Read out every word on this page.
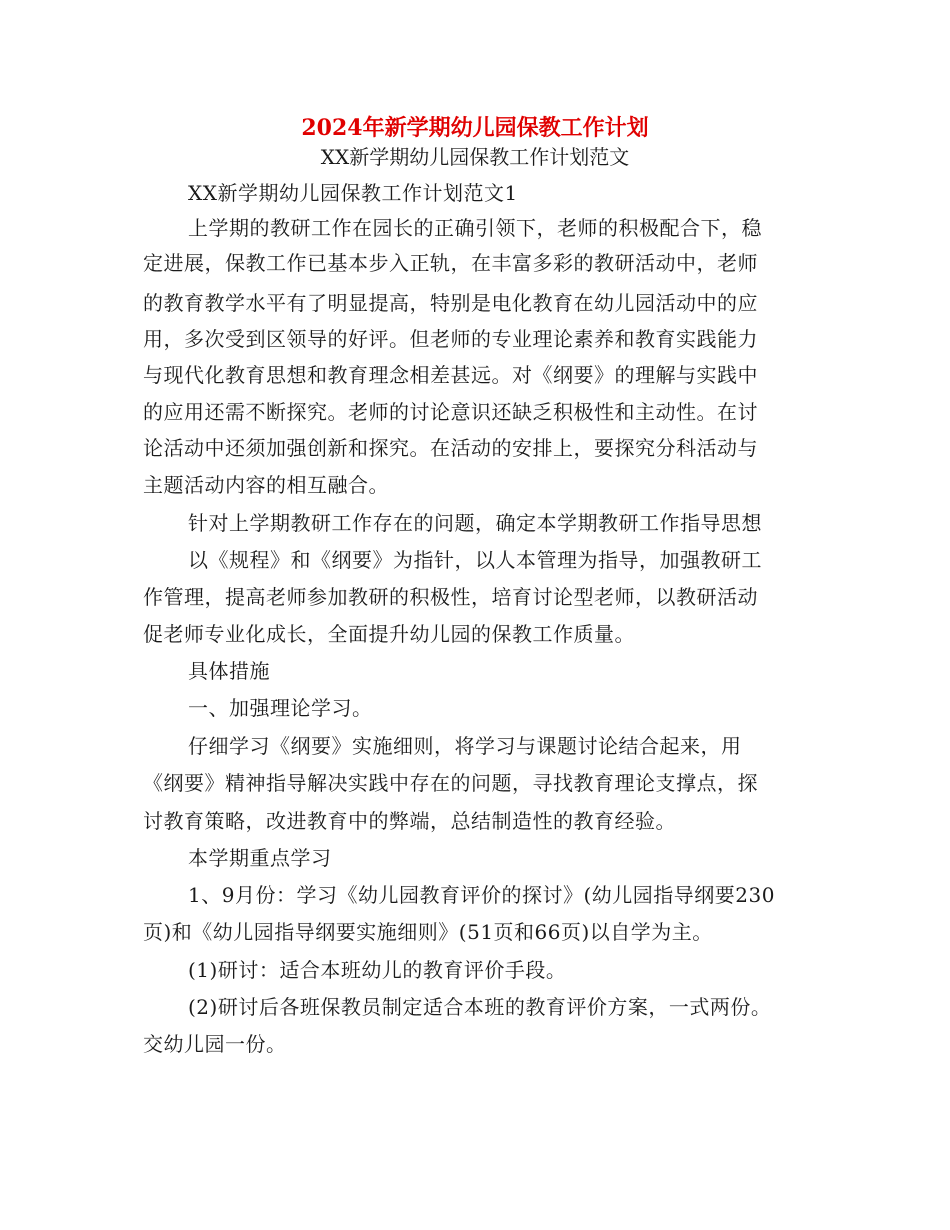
2024年新学期幼儿园保教工作计划
XX新学期幼儿园保教工作计划范文
XX新学期幼儿园保教工作计划范文1
上学期的教研工作在园长的正确引领下，老师的积极配合下，稳
定进展，保教工作已基本步入正轨，在丰富多彩的教研活动中，老师
的教育教学水平有了明显提高，特别是电化教育在幼儿园活动中的应
用，多次受到区领导的好评。但老师的专业理论素养和教育实践能力
与现代化教育思想和教育理念相差甚远。对《纲要》的理解与实践中
的应用还需不断探究。老师的讨论意识还缺乏积极性和主动性。在讨
论活动中还须加强创新和探究。在活动的安排上，要探究分科活动与
主题活动内容的相互融合。
针对上学期教研工作存在的问题，确定本学期教研工作指导思想
以《规程》和《纲要》为指针，以人本管理为指导，加强教研工
作管理，提高老师参加教研的积极性，培育讨论型老师，以教研活动
促老师专业化成长，全面提升幼儿园的保教工作质量。
具体措施
一、加强理论学习。
仔细学习《纲要》实施细则，将学习与课题讨论结合起来，用
《纲要》精神指导解决实践中存在的问题，寻找教育理论支撑点，探
讨教育策略，改进教育中的弊端，总结制造性的教育经验。
本学期重点学习
1、9月份：学习《幼儿园教育评价的探讨》(幼儿园指导纲要230
页)和《幼儿园指导纲要实施细则》(51页和66页)以自学为主。
(1)研讨：适合本班幼儿的教育评价手段。
(2)研讨后各班保教员制定适合本班的教育评价方案，一式两份。
交幼儿园一份。
